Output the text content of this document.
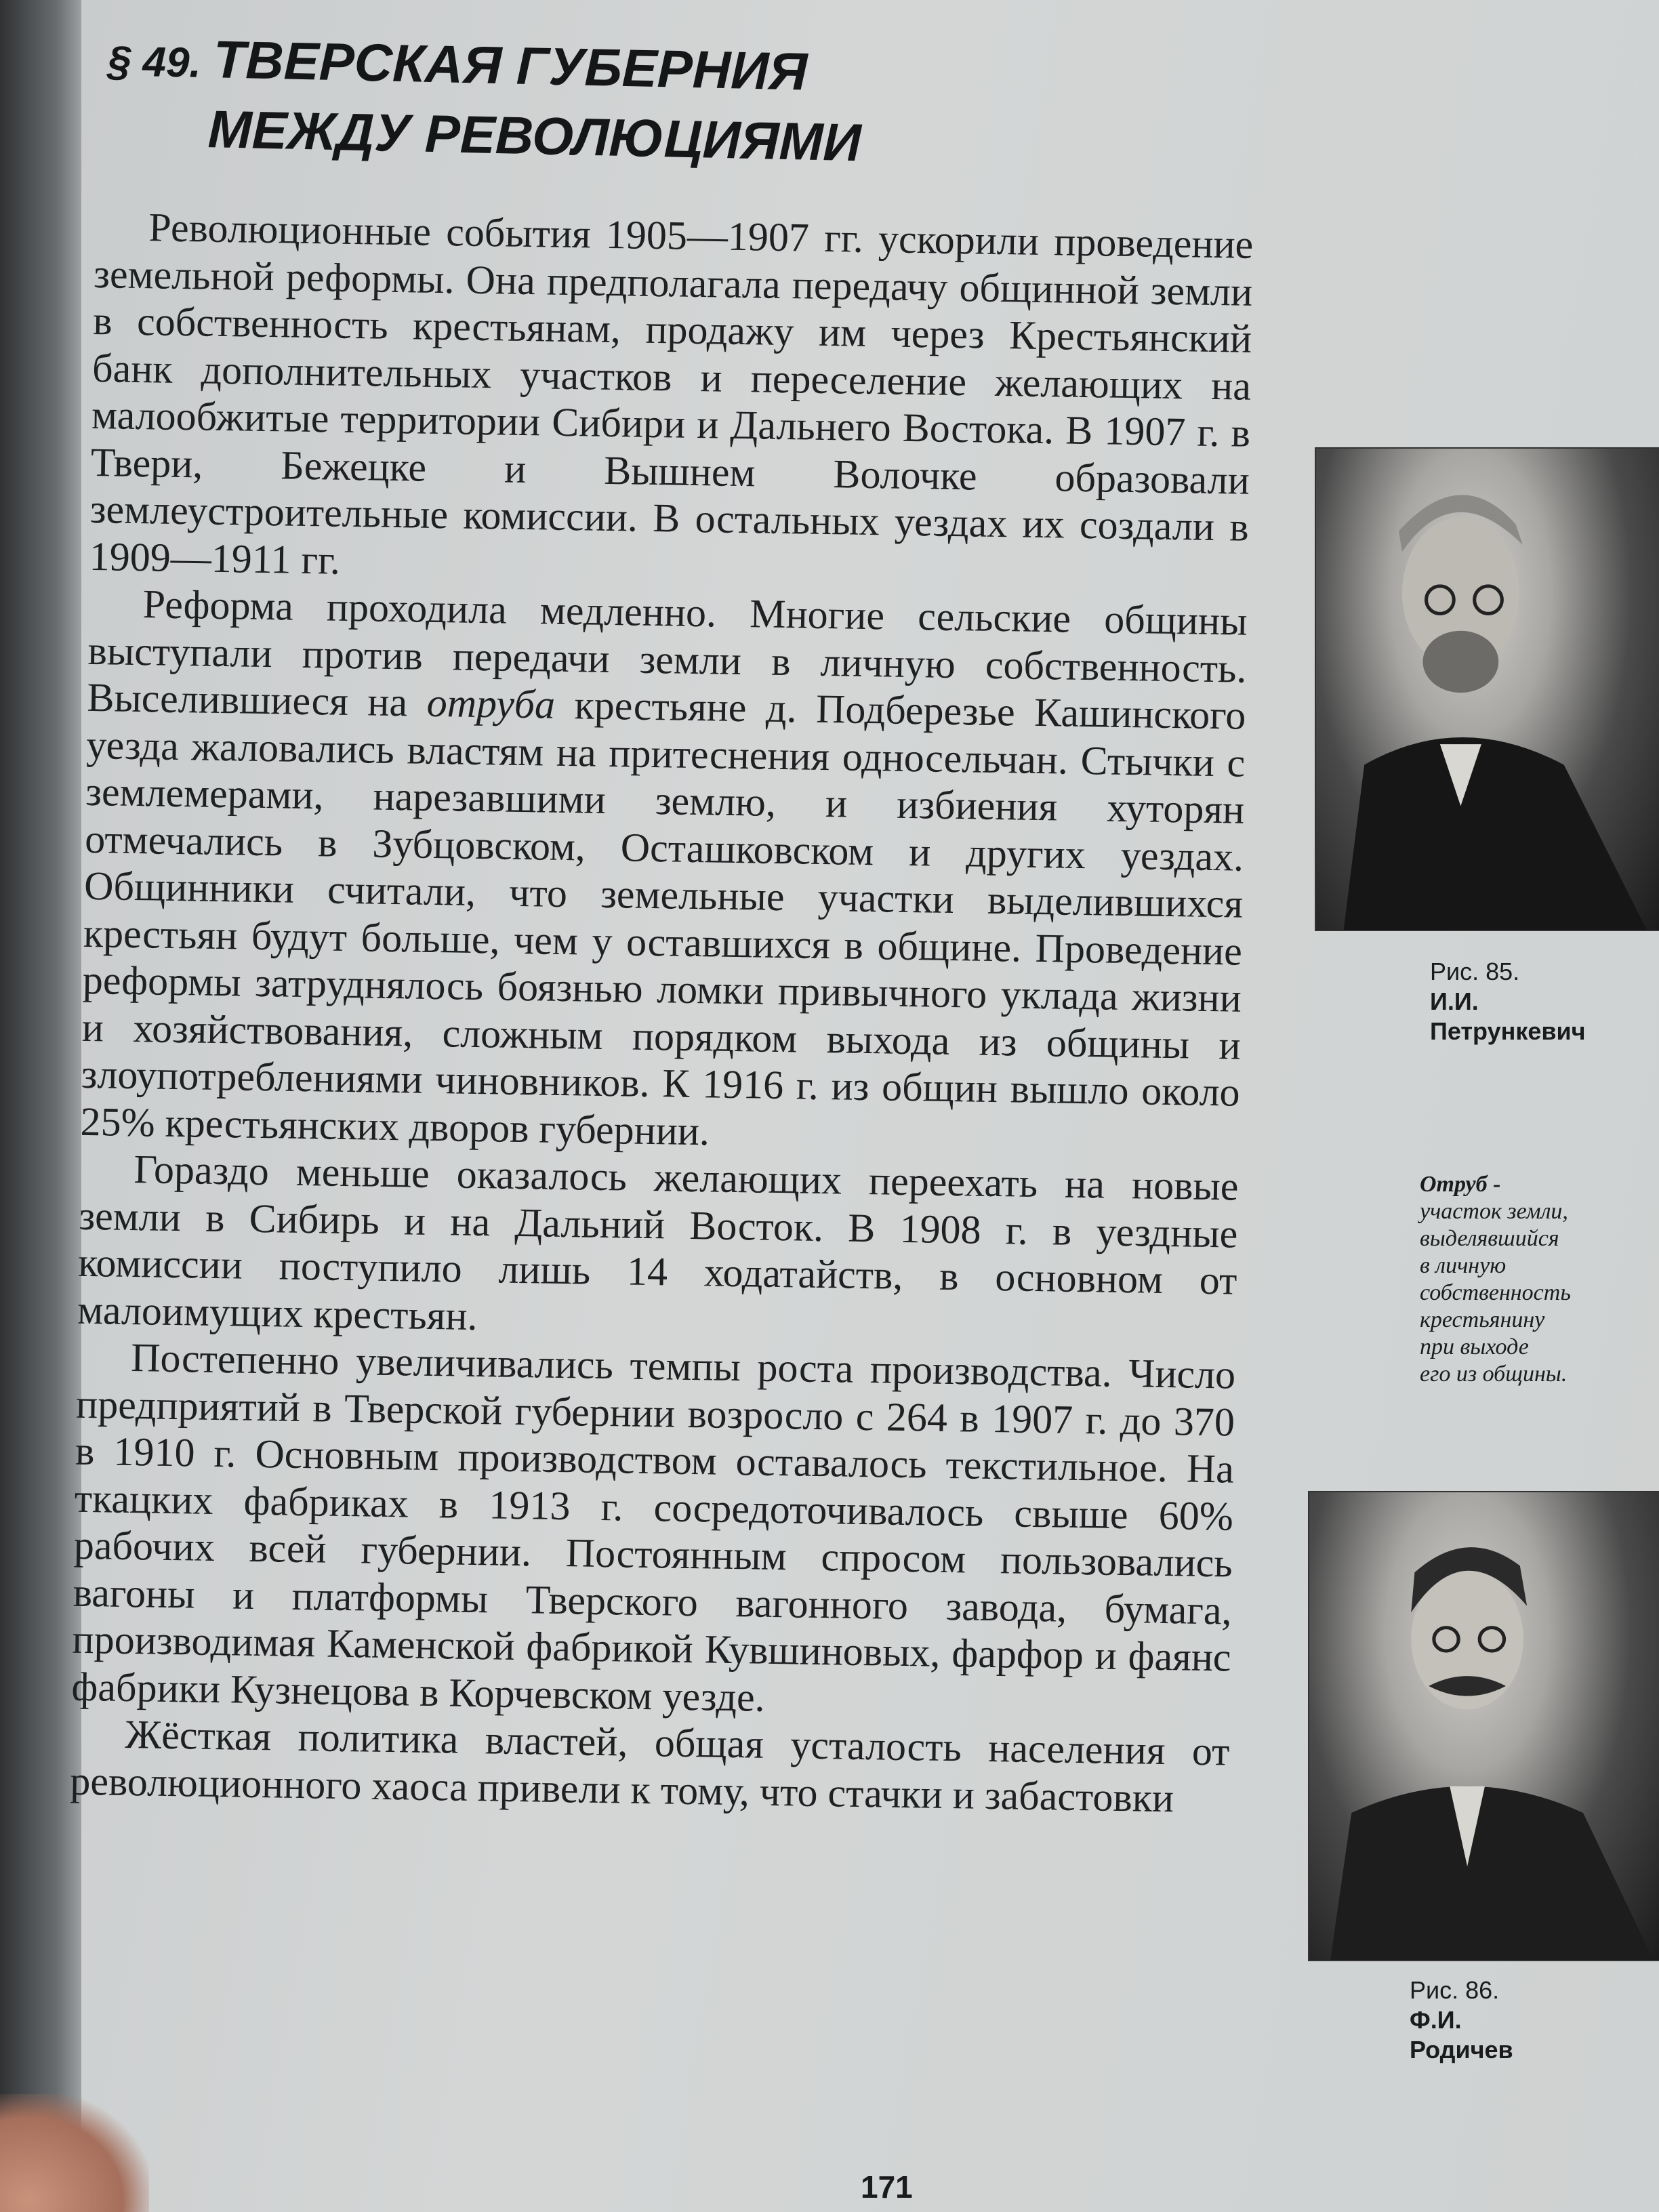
§ 49. ТВЕРСКАЯ ГУБЕРНИЯ
МЕЖДУ РЕВОЛЮЦИЯМИ

Революционные события 1905—1907 гг. ускорили проведение земельной реформы. Она предполагала передачу общинной земли в собственность крестьянам, продажу им через Крестьянский банк дополнительных участков и переселение желающих на малообжитые территории Сибири и Дальнего Востока. В 1907 г. в Твери, Бежецке и Вышнем Волочке образовали землеустроительные комиссии. В остальных уездах их создали в 1909—1911 гг.

Реформа проходила медленно. Многие сельские общины выступали против передачи земли в личную собственность. Выселившиеся на отруба крестьяне д. Подберезье Кашинского уезда жаловались властям на притеснения односельчан. Стычки с землемерами, нарезавшими землю, и избиения хуторян отмечались в Зубцовском, Осташковском и других уездах. Общинники считали, что земельные участки выделившихся крестьян будут больше, чем у оставшихся в общине. Проведение реформы затруднялось боязнью ломки привычного уклада жизни и хозяйствования, сложным порядком выхода из общины и злоупотреблениями чиновников. К 1916 г. из общин вышло около 25% крестьянских дворов губернии.

Гораздо меньше оказалось желающих переехать на новые земли в Сибирь и на Дальний Восток. В 1908 г. в уездные комиссии поступило лишь 14 ходатайств, в основном от малоимущих крестьян.

Постепенно увеличивались темпы роста производства. Число предприятий в Тверской губернии возросло с 264 в 1907 г. до 370 в 1910 г. Основным производством оставалось текстильное. На ткацких фабриках в 1913 г. сосредоточивалось свыше 60% рабочих всей губернии. Постоянным спросом пользовались вагоны и платформы Тверского вагонного завода, бумага, производимая Каменской фабрикой Кувшиновых, фарфор и фаянс фабрики Кузнецова в Корчевском уезде.

Жёсткая политика властей, общая усталость населения от революционного хаоса привели к тому, что стачки и забастовки

Рис. 85.
И.И.
Петрункевич
Отруб -
участок земли,
выделявшийся
в личную
собственность
крестьянину
при выходе
его из общины.
Рис. 86.
Ф.И.
Родичев
171
